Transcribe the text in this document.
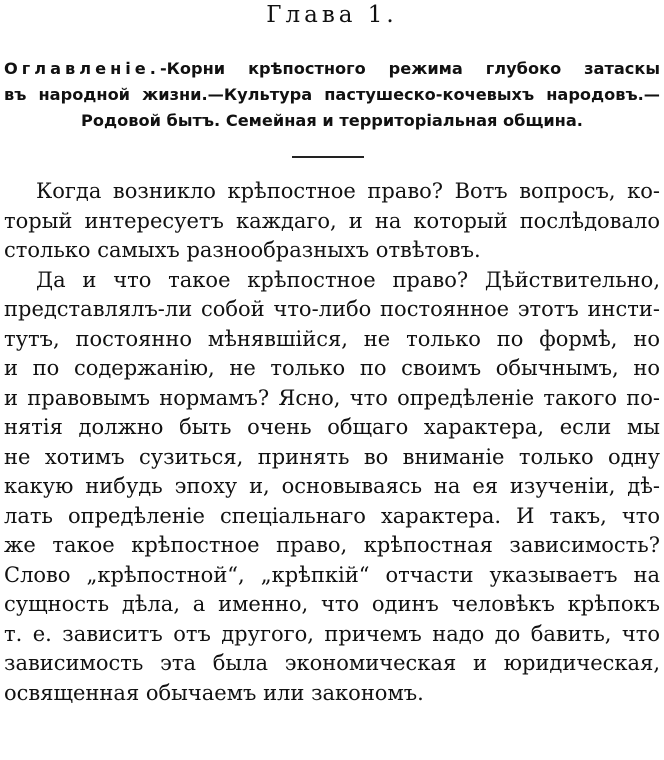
Глава 1.
Оглавленіе.-Корни крѣпостного режима глубоко затаскы
въ народной жизни.—Культура пастушеско-кочевыхъ народовъ.—
Родовой бытъ. Семейная и территоріальная община.
Когда возникло крѣпостное право? Вотъ вопросъ, ко-
торый интересуетъ каждаго, и на который послѣдовало
столько самыхъ разнообразныхъ отвѣтовъ.
Да и что такое крѣпостное право? Дѣйствительно,
представлялъ-ли собой что-либо постоянное этотъ инсти-
тутъ, постоянно мѣнявшійся, не только по формѣ, но
и по содержанію, не только по своимъ обычнымъ, но
и правовымъ нормамъ? Ясно, что опредѣленіе такого по-
нятія должно быть очень общаго характера, если мы
не хотимъ сузиться, принять во вниманіе только одну
какую нибудь эпоху и, основываясь на ея изученіи, дѣ-
лать опредѣленіе спеціальнаго характера. И такъ, что
же такое крѣпостное право, крѣпостная зависимость?
Слово „крѣпостной“, „крѣпкій“ отчасти указываетъ на
сущность дѣла, а именно, что одинъ человѣкъ крѣпокъ
т. е. зависитъ отъ другого, причемъ надо до бавить, что
зависимость эта была экономическая и юридическая,
освященная обычаемъ или закономъ.
